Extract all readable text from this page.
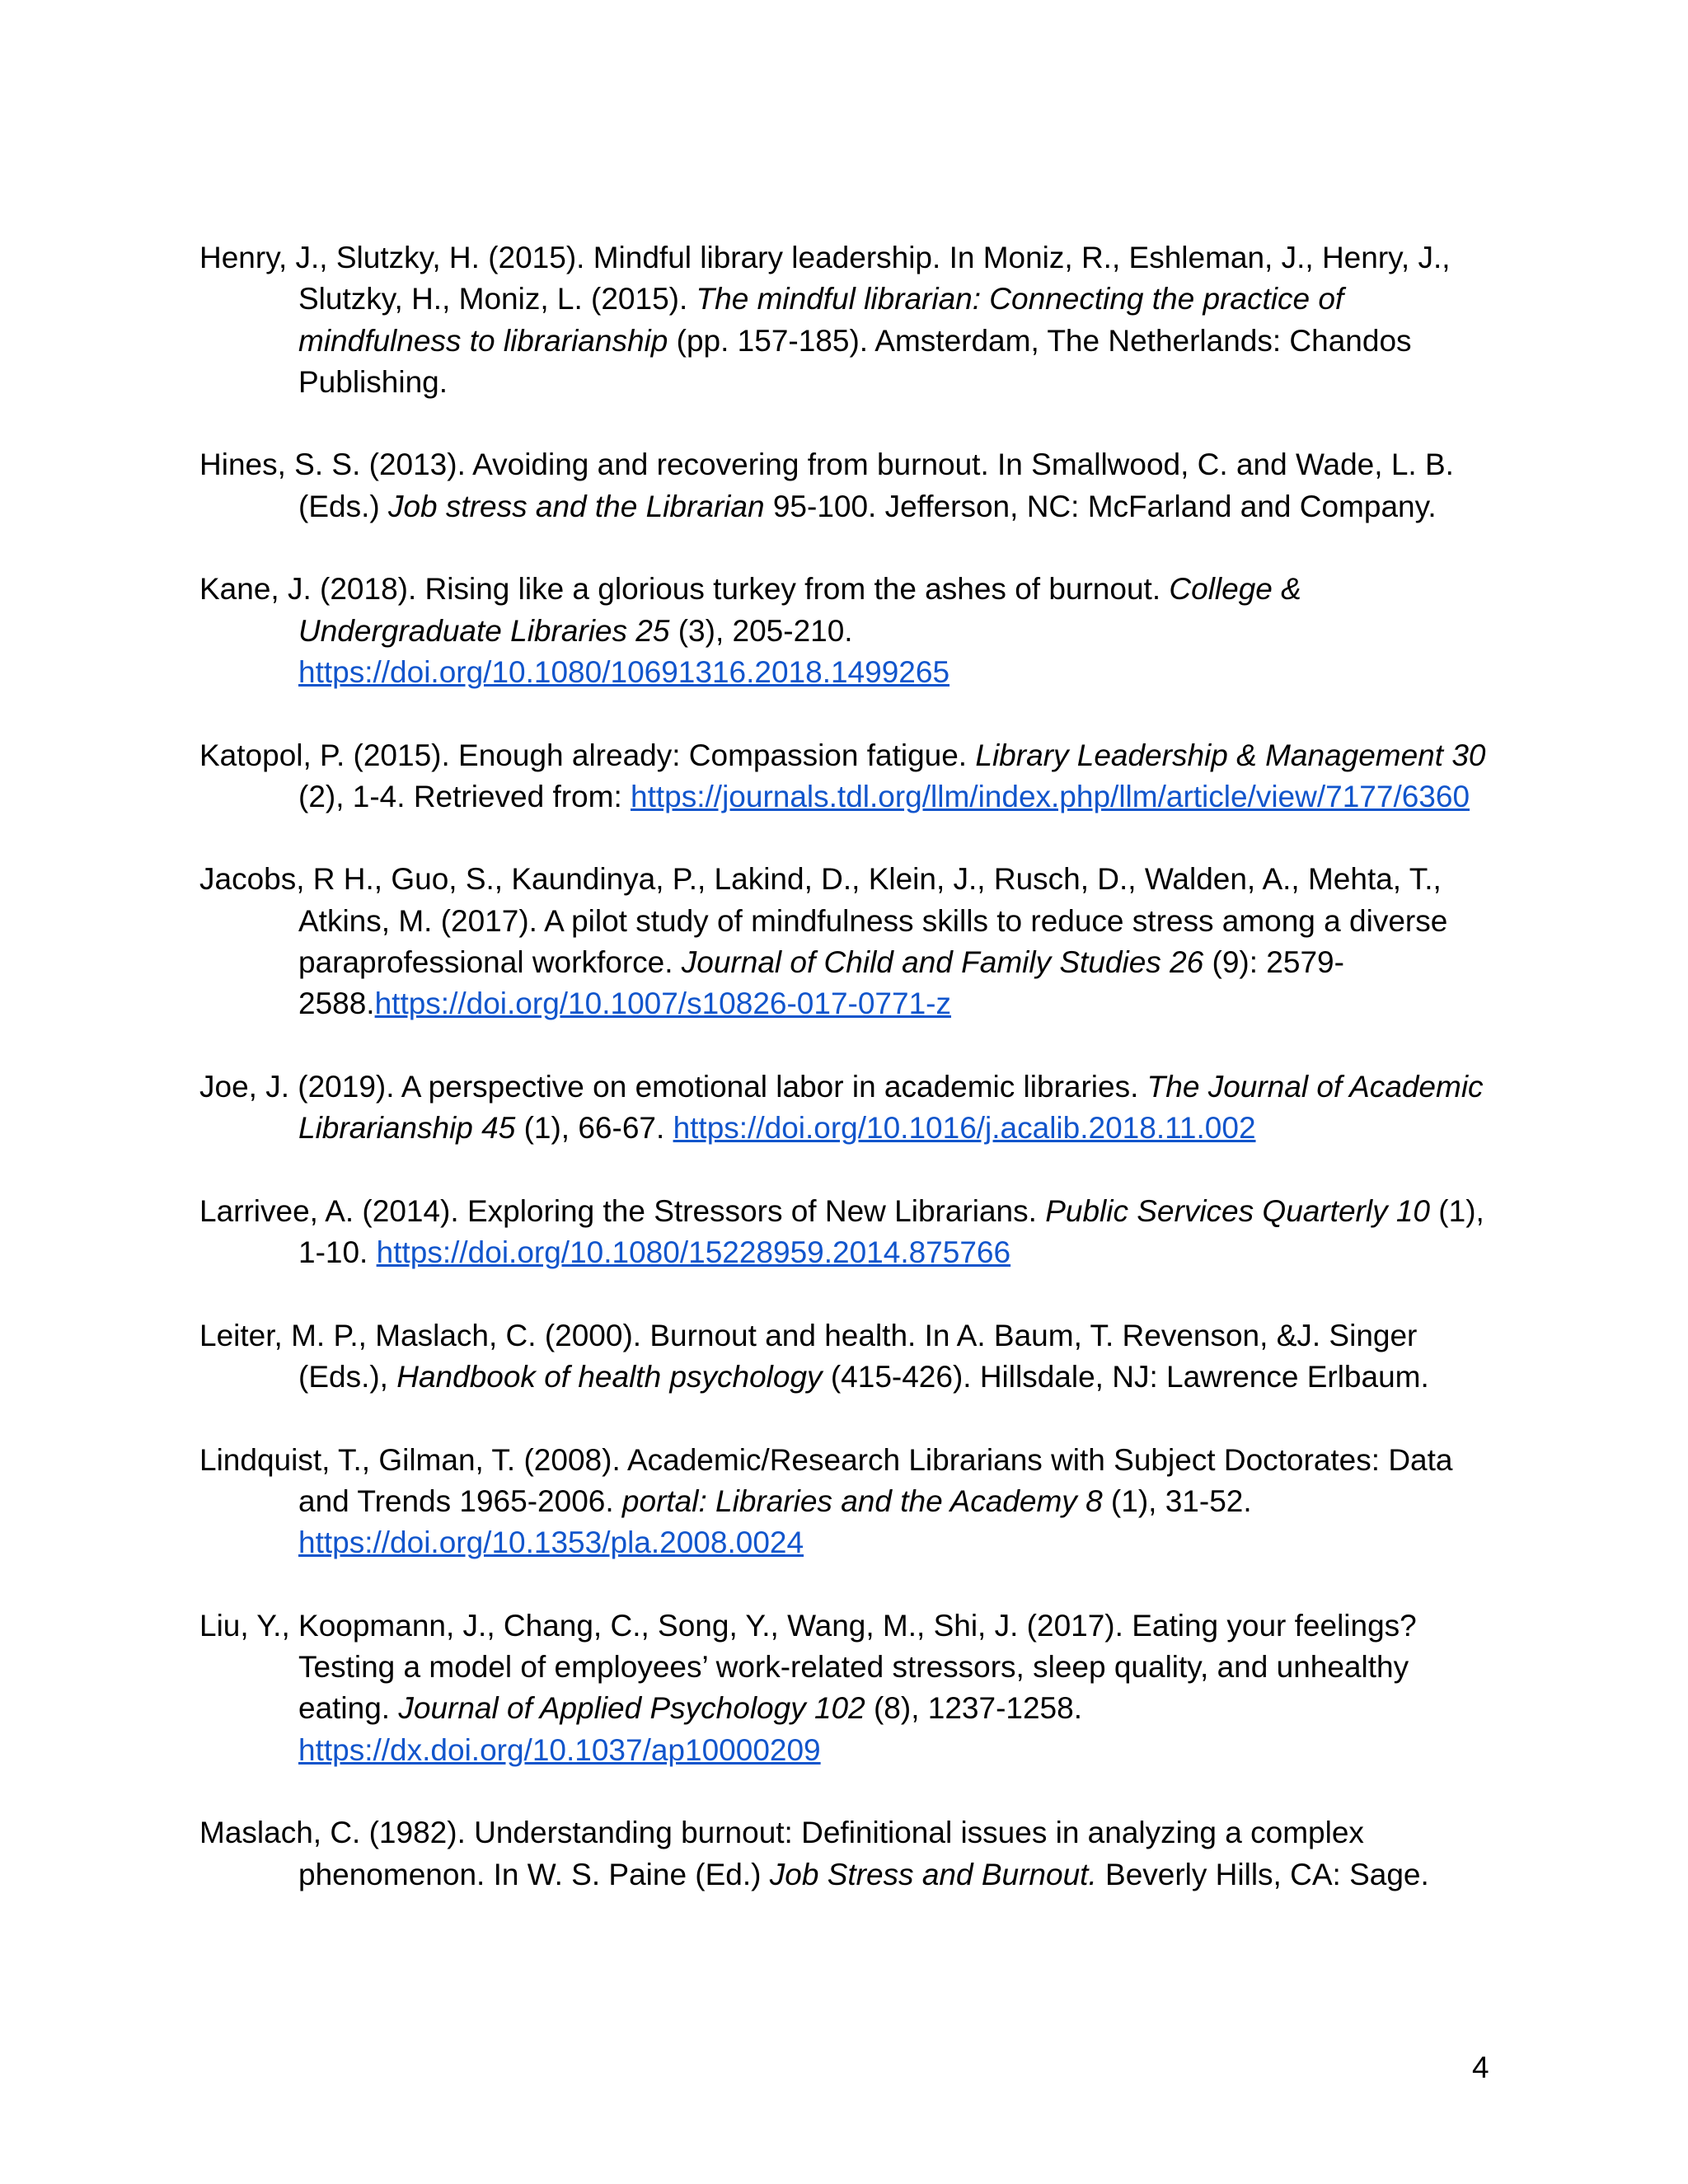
Henry, J., Slutzky, H. (2015). Mindful library leadership. In Moniz, R., Eshleman, J., Henry, J., Slutzky, H., Moniz, L. (2015). The mindful librarian: Connecting the practice of mindfulness to librarianship (pp. 157-185). Amsterdam, The Netherlands: Chandos Publishing.

Hines, S. S. (2013). Avoiding and recovering from burnout. In Smallwood, C. and Wade, L. B. (Eds.) Job stress and the Librarian 95-100. Jefferson, NC: McFarland and Company.

Kane, J. (2018). Rising like a glorious turkey from the ashes of burnout. College & Undergraduate Libraries 25 (3), 205-210. https://doi.org/10.1080/10691316.2018.1499265

Katopol, P. (2015). Enough already: Compassion fatigue. Library Leadership & Management 30 (2), 1-4. Retrieved from: https://journals.tdl.org/llm/index.php/llm/article/view/7177/6360

Jacobs, R H., Guo, S., Kaundinya, P., Lakind, D., Klein, J., Rusch, D., Walden, A., Mehta, T., Atkins, M. (2017). A pilot study of mindfulness skills to reduce stress among a diverse paraprofessional workforce. Journal of Child and Family Studies 26 (9): 2579-2588.https://doi.org/10.1007/s10826-017-0771-z

Joe, J. (2019). A perspective on emotional labor in academic libraries. The Journal of Academic Librarianship 45 (1), 66-67. https://doi.org/10.1016/j.acalib.2018.11.002

Larrivee, A. (2014). Exploring the Stressors of New Librarians. Public Services Quarterly 10 (1), 1-10. https://doi.org/10.1080/15228959.2014.875766

Leiter, M. P., Maslach, C. (2000). Burnout and health. In A. Baum, T. Revenson, &J. Singer (Eds.), Handbook of health psychology (415-426). Hillsdale, NJ: Lawrence Erlbaum.

Lindquist, T., Gilman, T. (2008). Academic/Research Librarians with Subject Doctorates: Data and Trends 1965-2006. portal: Libraries and the Academy 8 (1), 31-52. https://doi.org/10.1353/pla.2008.0024

Liu, Y., Koopmann, J., Chang, C., Song, Y., Wang, M., Shi, J. (2017). Eating your feelings? Testing a model of employees’ work-related stressors, sleep quality, and unhealthy eating. Journal of Applied Psychology 102 (8), 1237-1258. https://dx.doi.org/10.1037/ap10000209

Maslach, C. (1982). Understanding burnout: Definitional issues in analyzing a complex phenomenon. In W. S. Paine (Ed.) Job Stress and Burnout. Beverly Hills, CA: Sage.

4
